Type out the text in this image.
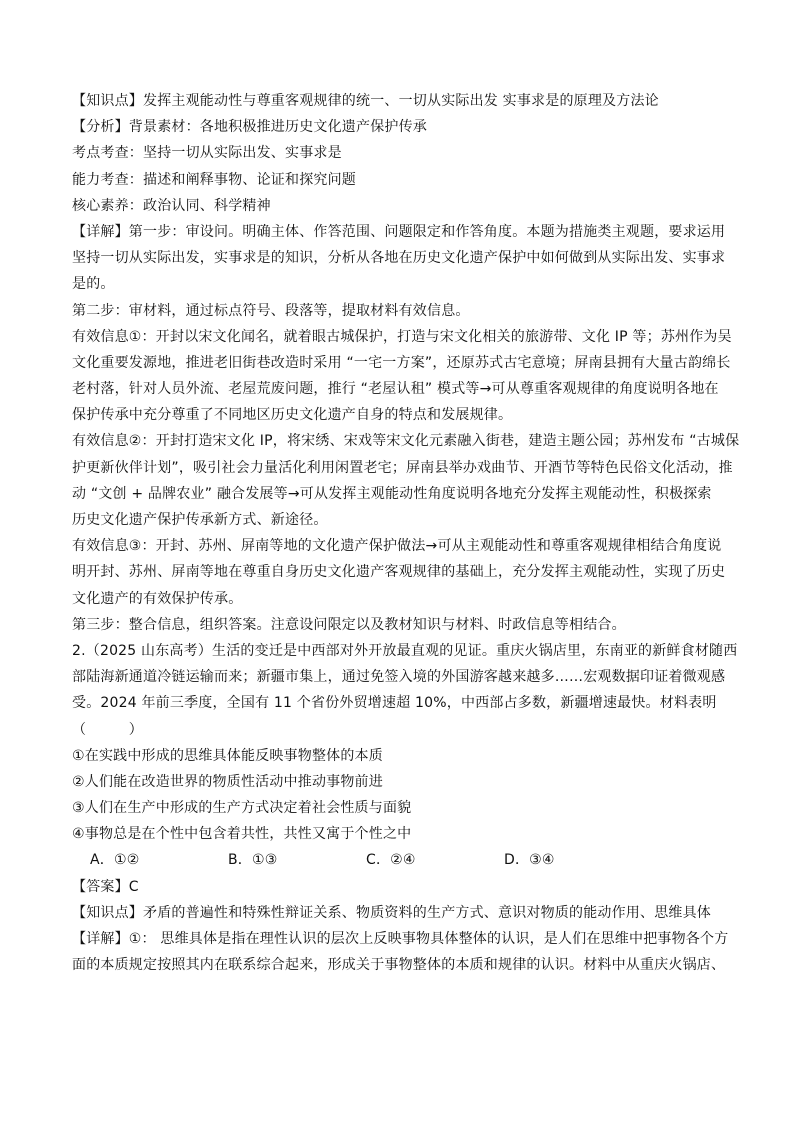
【知识点】发挥主观能动性与尊重客观规律的统一、一切从实际出发 实事求是的原理及方法论
【分析】背景素材：各地积极推进历史文化遗产保护传承
考点考查：坚持一切从实际出发、实事求是
能力考查：描述和阐释事物、论证和探究问题
核心素养：政治认同、科学精神
【详解】第一步：审设问。明确主体、作答范围、问题限定和作答角度。本题为措施类主观题，要求运用
坚持一切从实际出发，实事求是的知识，分析从各地在历史文化遗产保护中如何做到从实际出发、实事求
是的。
第二步：审材料，通过标点符号、段落等，提取材料有效信息。
有效信息①：开封以宋文化闻名，就着眼古城保护，打造与宋文化相关的旅游带、文化 IP 等；苏州作为吴
文化重要发源地，推进老旧街巷改造时采用 “一宅一方案”，还原苏式古宅意境；屏南县拥有大量古韵绵长
老村落，针对人员外流、老屋荒废问题，推行 “老屋认租” 模式等→可从尊重客观规律的角度说明各地在
保护传承中充分尊重了不同地区历史文化遗产自身的特点和发展规律。
有效信息②：开封打造宋文化 IP，将宋绣、宋戏等宋文化元素融入街巷，建造主题公园；苏州发布 “古城保
护更新伙伴计划”，吸引社会力量活化利用闲置老宅；屏南县举办戏曲节、开酒节等特色民俗文化活动，推
动 “文创 + 品牌农业” 融合发展等→可从发挥主观能动性角度说明各地充分发挥主观能动性，积极探索
历史文化遗产保护传承新方式、新途径。
有效信息③：开封、苏州、屏南等地的文化遗产保护做法→可从主观能动性和尊重客观规律相结合角度说
明开封、苏州、屏南等地在尊重自身历史文化遗产客观规律的基础上，充分发挥主观能动性，实现了历史
文化遗产的有效保护传承。
第三步：整合信息，组织答案。注意设问限定以及教材知识与材料、时政信息等相结合。
2.（2025 山东高考）生活的变迁是中西部对外开放最直观的见证。重庆火锅店里，东南亚的新鲜食材随西
部陆海新通道冷链运输而来；新疆市集上，通过免签入境的外国游客越来越多……宏观数据印证着微观感
受。2024 年前三季度，全国有 11 个省份外贸增速超 10%，中西部占多数，新疆增速最快。材料表明
（　　　）
①在实践中形成的思维具体能反映事物整体的本质
②人们能在改造世界的物质性活动中推动事物前进
③人们在生产中形成的生产方式决定着社会性质与面貌
④事物总是在个性中包含着共性，共性又寓于个性之中
A．①②	B．①③	C．②④	D．③④
【答案】C
【知识点】矛盾的普遍性和特殊性辩证关系、物质资料的生产方式、意识对物质的能动作用、思维具体
【详解】①： 思维具体是指在理性认识的层次上反映事物具体整体的认识，是人们在思维中把事物各个方
面的本质规定按照其内在联系综合起来，形成关于事物整体的本质和规律的认识。材料中从重庆火锅店、
